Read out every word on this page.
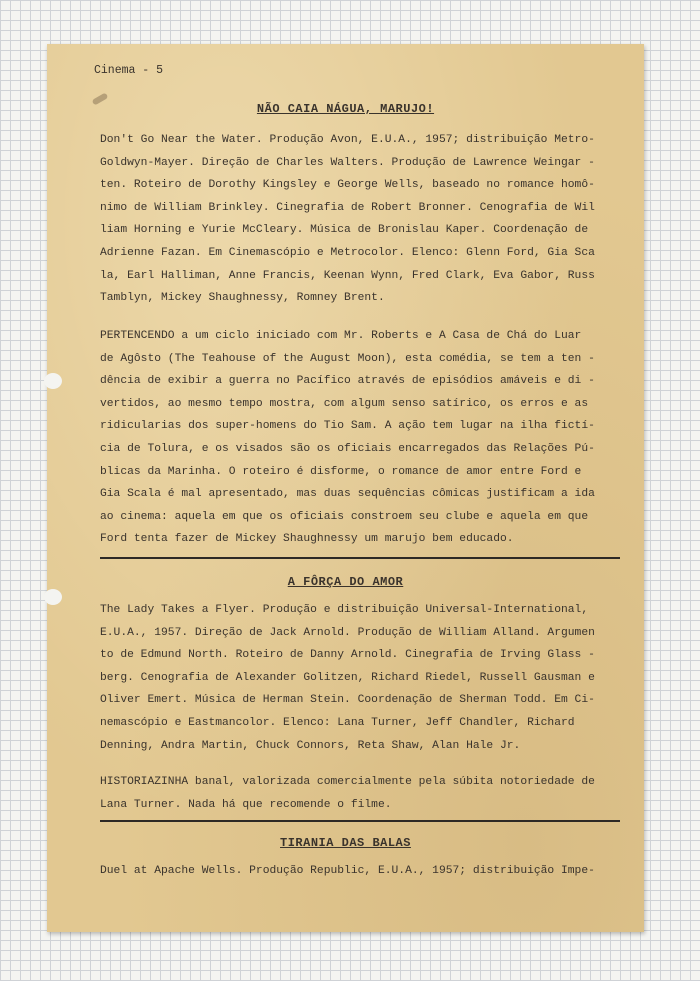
Cinema - 5
NÃO CAIA NÁGUA, MARUJO!
Don't Go Near the Water. Produção Avon, E.U.A., 1957; distribuição Metro-
Goldwyn-Mayer. Direção de Charles Walters. Produção de Lawrence Weingar -
ten. Roteiro de Dorothy Kingsley e George Wells, baseado no romance homô-
nimo de William Brinkley. Cinegrafia de Robert Bronner. Cenografia de Wil
liam Horning e Yurie McCleary. Música de Bronislau Kaper. Coordenação de
Adrienne Fazan. Em Cinemascópio e Metrocolor. Elenco: Glenn Ford, Gia Sca
la, Earl Halliman, Anne Francis, Keenan Wynn, Fred Clark, Eva Gabor, Russ
Tamblyn, Mickey Shaughnessy, Romney Brent.
PERTENCENDO a um ciclo iniciado com Mr. Roberts e A Casa de Chá do Luar
de Agôsto (The Teahouse of the August Moon), esta comédia, se tem a ten -
dência de exibir a guerra no Pacífico através de episódios amáveis e di -
vertidos, ao mesmo tempo mostra, com algum senso satírico, os erros e as
ridicularias dos super-homens do Tio Sam. A ação tem lugar na ilha fictí-
cia de Tolura, e os visados são os oficiais encarregados das Relações Pú-
blicas da Marinha. O roteiro é disforme, o romance de amor entre Ford e
Gia Scala é mal apresentado, mas duas sequências cômicas justificam a ida
ao cinema: aquela em que os oficiais constroem seu clube e aquela em que
Ford tenta fazer de Mickey Shaughnessy um marujo bem educado.
A FÔRÇA DO AMOR
The Lady Takes a Flyer. Produção e distribuição Universal-International,
E.U.A., 1957. Direção de Jack Arnold. Produção de William Alland. Argumen
to de Edmund North. Roteiro de Danny Arnold. Cinegrafia de Irving Glass -
berg. Cenografia de Alexander Golitzen, Richard Riedel, Russell Gausman e
Oliver Emert. Música de Herman Stein. Coordenação de Sherman Todd. Em Ci-
nemascópio e Eastmancolor. Elenco: Lana Turner, Jeff Chandler, Richard
Denning, Andra Martin, Chuck Connors, Reta Shaw, Alan Hale Jr.
HISTORIAZINHA banal, valorizada comercialmente pela súbita notoriedade de
Lana Turner. Nada há que recomende o filme.
TIRANIA DAS BALAS
Duel at Apache Wells. Produção Republic, E.U.A., 1957; distribuição Impe-
